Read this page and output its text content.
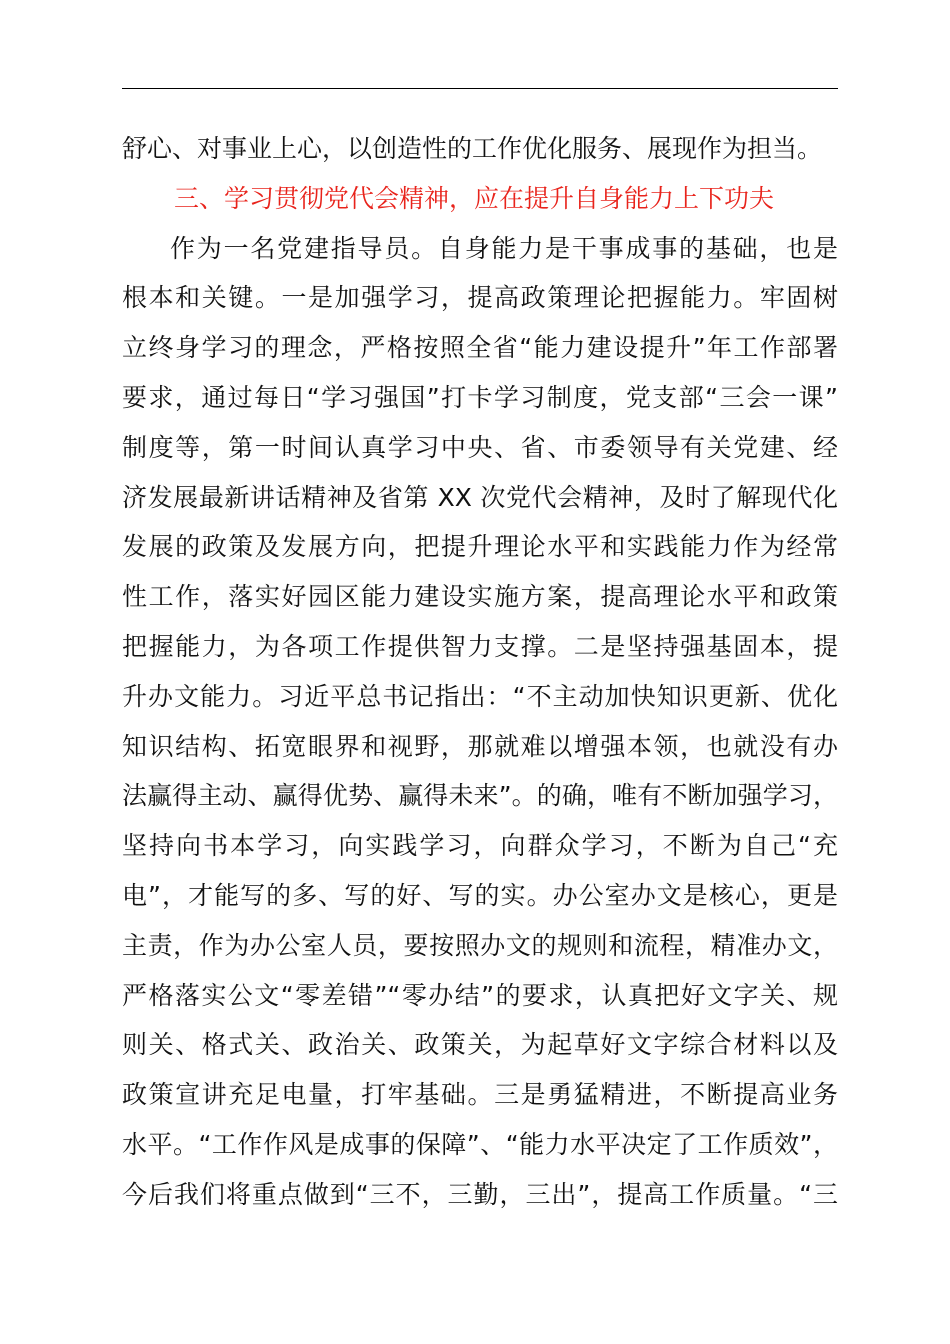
舒心、对事业上心，以创造性的工作优化服务、展现作为担当。
三、学习贯彻党代会精神，应在提升自身能力上下功夫
作为一名党建指导员。自身能力是干事成事的基础，也是
根本和关键。一是加强学习，提高政策理论把握能力。牢固树
立终身学习的理念，严格按照全省“能力建设提升”年工作部署
要求，通过每日“学习强国”打卡学习制度，党支部“三会一课”
制度等，第一时间认真学习中央、省、市委领导有关党建、经
济发展最新讲话精神及省第 XX 次党代会精神，及时了解现代化
发展的政策及发展方向，把提升理论水平和实践能力作为经常
性工作，落实好园区能力建设实施方案，提高理论水平和政策
把握能力，为各项工作提供智力支撑。二是坚持强基固本，提
升办文能力。习近平总书记指出：“不主动加快知识更新、优化
知识结构、拓宽眼界和视野，那就难以增强本领，也就没有办
法赢得主动、赢得优势、赢得未来”。的确，唯有不断加强学习，
坚持向书本学习，向实践学习，向群众学习，不断为自己“充
电”，才能写的多、写的好、写的实。办公室办文是核心，更是
主责，作为办公室人员，要按照办文的规则和流程，精准办文，
严格落实公文“零差错”“零办结”的要求，认真把好文字关、规
则关、格式关、政治关、政策关，为起草好文字综合材料以及
政策宣讲充足电量，打牢基础。三是勇猛精进，不断提高业务
水平。“工作作风是成事的保障”、“能力水平决定了工作质效”，
今后我们将重点做到“三不，三勤，三出”，提高工作质量。“三
